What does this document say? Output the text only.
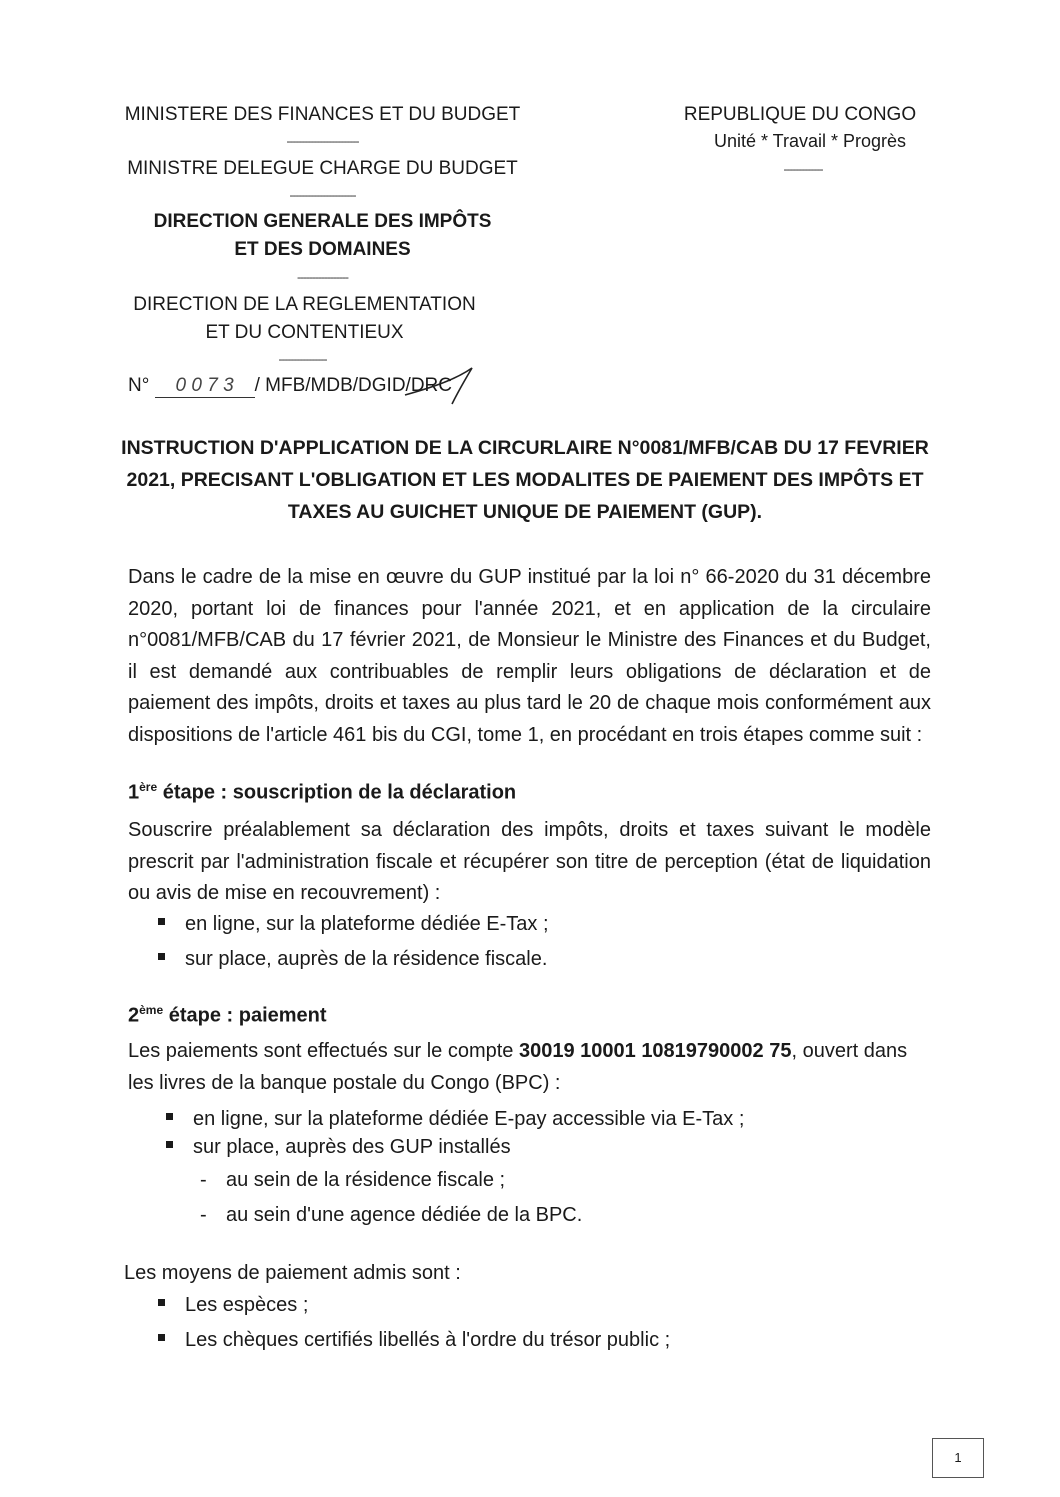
MINISTERE DES FINANCES ET DU BUDGET
------------------------
MINISTRE DELEGUE CHARGE DU BUDGET
----------------------
DIRECTION GENERALE DES IMPÔTS
ET DES DOMAINES
-----------------
DIRECTION DE LA REGLEMENTATION
ET DU CONTENTIEUX
----------------
N° 0 0 7 3 / MFB/MDB/DGID/DRC
REPUBLIQUE DU CONGO
Unité * Travail * Progrès
-------------
INSTRUCTION D'APPLICATION DE LA CIRCURLAIRE N°0081/MFB/CAB DU 17 FEVRIER 2021, PRECISANT L'OBLIGATION ET LES MODALITES DE PAIEMENT DES IMPÔTS ET TAXES AU GUICHET UNIQUE DE PAIEMENT (GUP).
Dans le cadre de la mise en œuvre du GUP institué par la loi n° 66-2020 du 31 décembre 2020, portant loi de finances pour l'année 2021, et en application de la circulaire n°0081/MFB/CAB du 17 février 2021, de Monsieur le Ministre des Finances et du Budget, il est demandé aux contribuables de remplir leurs obligations de déclaration et de paiement des impôts, droits et taxes au plus tard le 20 de chaque mois conformément aux dispositions de l'article 461 bis du CGI, tome 1, en procédant en trois étapes comme suit :
1ère étape : souscription de la déclaration
Souscrire préalablement sa déclaration des impôts, droits et taxes suivant le modèle prescrit par l'administration fiscale et récupérer son titre de perception (état de liquidation ou avis de mise en recouvrement) :
en ligne, sur la plateforme dédiée E-Tax ;
sur place, auprès de la résidence fiscale.
2ème étape : paiement
Les paiements sont effectués sur le compte 30019 10001 10819790002 75, ouvert dans
les livres de la banque postale du Congo (BPC) :
en ligne, sur la plateforme dédiée E-pay accessible via E-Tax ;
sur place, auprès des GUP installés
- au sein de la résidence fiscale ;
- au sein d'une agence dédiée de la BPC.
Les moyens de paiement admis sont :
Les espèces ;
Les chèques certifiés libellés à l'ordre du trésor public ;
1
